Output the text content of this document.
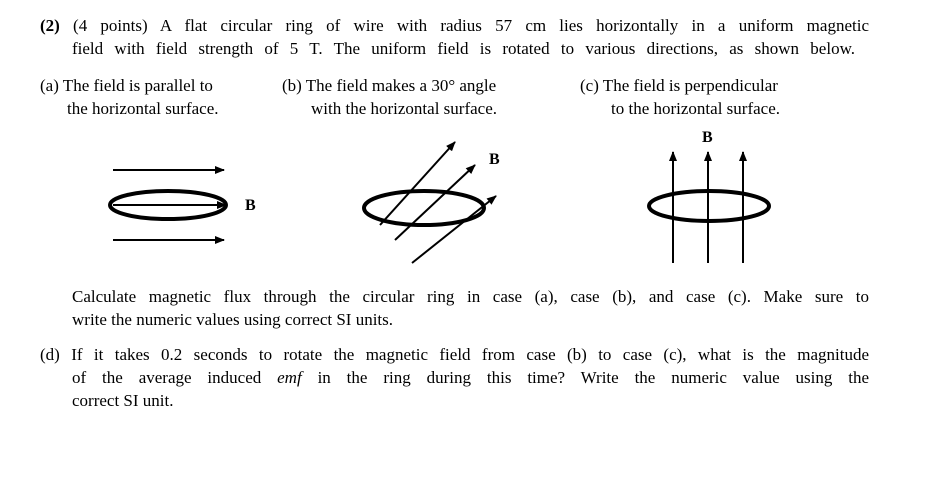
(2) (4 points) A flat circular ring of wire with radius 57 cm lies horizontally in a uniform magnetic
field with field strength of 5 T. The uniform field is rotated to various directions, as shown below.
(a) The field is parallel to
the horizontal surface.
(b) The field makes a 30° angle
with the horizontal surface.
(c) The field is perpendicular
to the horizontal surface.
B
B
B
Calculate magnetic flux through the circular ring in case (a), case (b), and case (c). Make sure to
write the numeric values using correct SI units.
(d) If it takes 0.2 seconds to rotate the magnetic field from case (b) to case (c), what is the magnitude
of the average induced emf in the ring during this time? Write the numeric value using the
correct SI unit.
